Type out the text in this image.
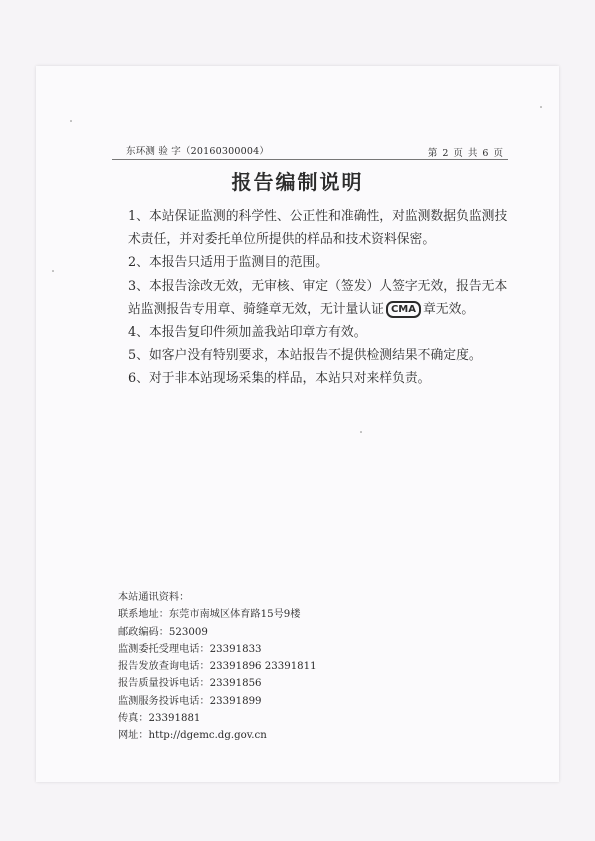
东环测 验 字（20160300004）	第 2 页 共 6 页
报告编制说明

1、本站保证监测的科学性、公正性和准确性，对监测数据负监测技术责任，并对委托单位所提供的样品和技术资料保密。

2、本报告只适用于监测目的范围。

3、本报告涂改无效，无审核、审定（签发）人签字无效，报告无本站监测报告专用章、骑缝章无效，无计量认证 CMA 章无效。

4、本报告复印件须加盖我站印章方有效。

5、如客户没有特别要求，本站报告不提供检测结果不确定度。

6、对于非本站现场采集的样品，本站只对来样负责。

本站通讯资料：
联系地址：东莞市南城区体育路15号9楼
邮政编码：523009
监测委托受理电话：23391833
报告发放查询电话：23391896 23391811
报告质量投诉电话：23391856
监测服务投诉电话：23391899
传真：23391881
网址：http://dgemc.dg.gov.cn
